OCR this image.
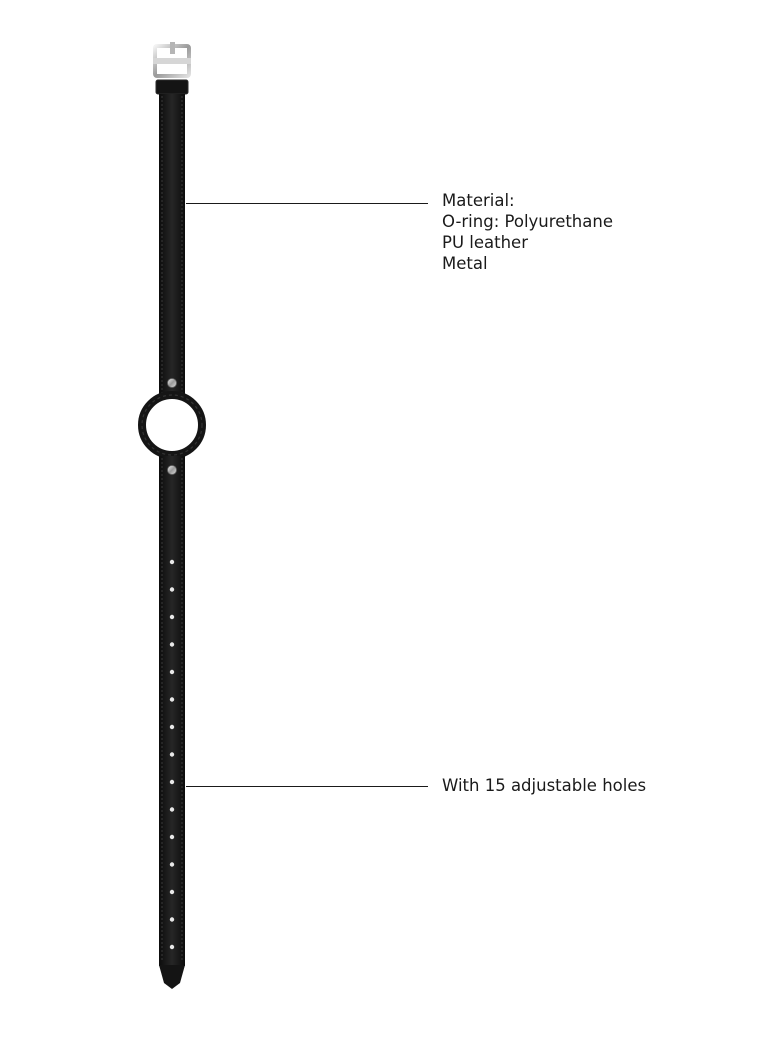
Material:
O-ring: Polyurethane
PU leather
Metal
With 15 adjustable holes
